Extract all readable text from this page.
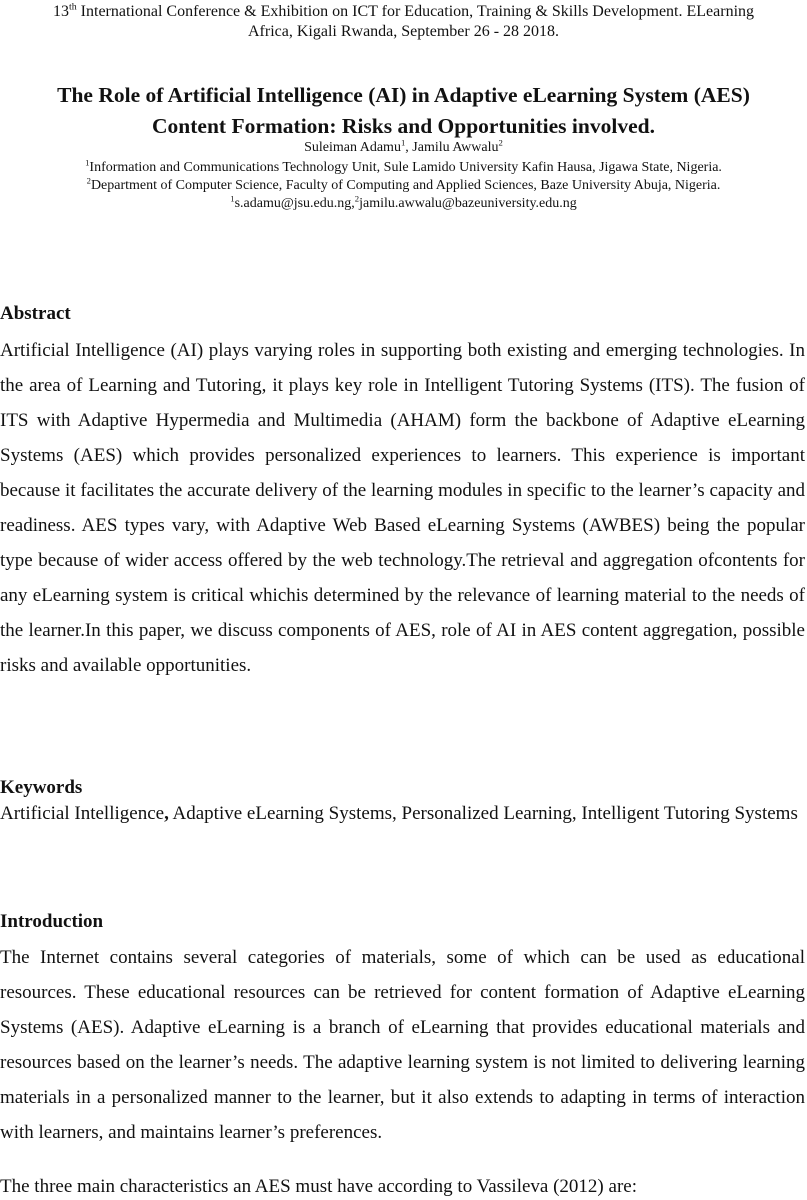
13th International Conference & Exhibition on ICT for Education, Training & Skills Development. ELearning
Africa, Kigali Rwanda, September 26 - 28 2018.
The Role of Artificial Intelligence (AI) in Adaptive eLearning System (AES)
Content Formation: Risks and Opportunities involved.
Suleiman Adamu$^1$, Jamilu Awwalu$^2$
$^1$Information and Communications Technology Unit, Sule Lamido University Kafin Hausa, Jigawa State, Nigeria.
$^2$Department of Computer Science, Faculty of Computing and Applied Sciences, Baze University Abuja, Nigeria.
$^1$s.adamu@jsu.edu.ng,$^2$jamilu.awwalu@bazeuniversity.edu.ng
Abstract

Artificial Intelligence (AI) plays varying roles in supporting both existing and emerging technologies. In the area of Learning and Tutoring, it plays key role in Intelligent Tutoring Systems (ITS). The fusion of ITS with Adaptive Hypermedia and Multimedia (AHAM) form the backbone of Adaptive eLearning Systems (AES) which provides personalized experiences to learners. This experience is important because it facilitates the accurate delivery of the learning modules in specific to the learner’s capacity and readiness. AES types vary, with Adaptive Web Based eLearning Systems (AWBES) being the popular type because of wider access offered by the web technology.The retrieval and aggregation ofcontents for any eLearning system is critical whichis determined by the relevance of learning material to the needs of the learner.In this paper, we discuss components of AES, role of AI in AES content aggregation, possible risks and available opportunities.

Keywords

Artificial Intelligence, Adaptive eLearning Systems, Personalized Learning, Intelligent Tutoring Systems

Introduction

The Internet contains several categories of materials, some of which can be used as educational resources. These educational resources can be retrieved for content formation of Adaptive eLearning Systems (AES). Adaptive eLearning is a branch of eLearning that provides educational materials and resources based on the learner’s needs. The adaptive learning system is not limited to delivering learning materials in a personalized manner to the learner, but it also extends to adapting in terms of interaction with learners, and maintains learner’s preferences.

The three main characteristics an AES must have according to Vassileva (2012) are:
